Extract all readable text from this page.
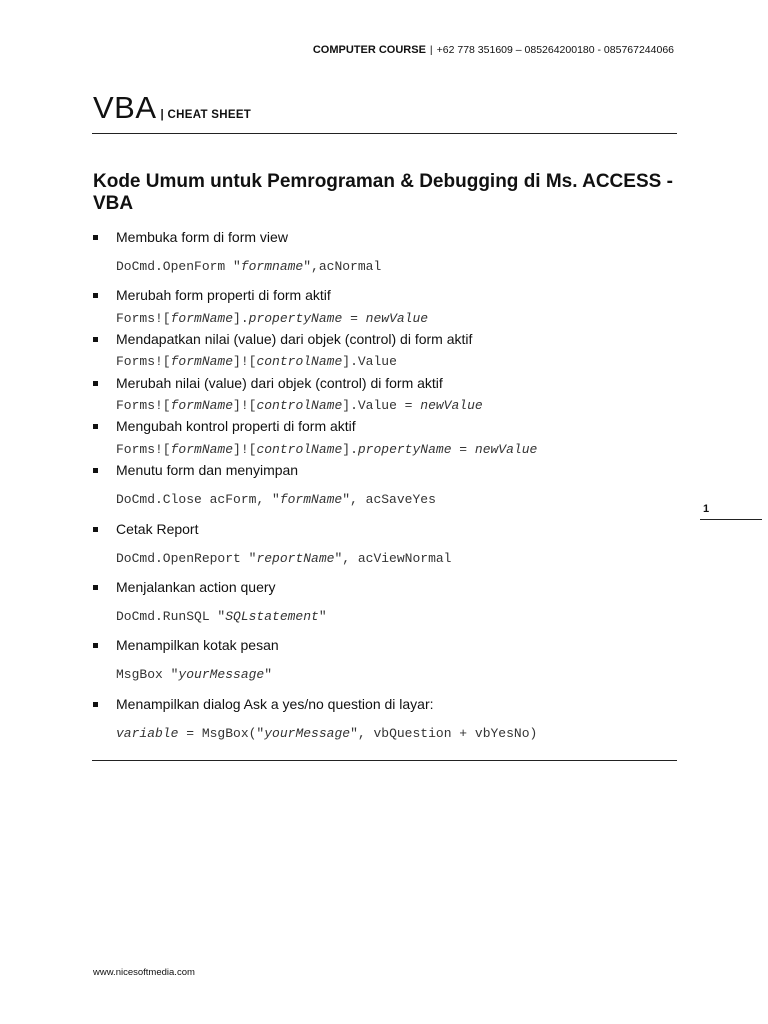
COMPUTER COURSE | +62 778 351609 – 085264200180 - 085767244066
VBA | CHEAT SHEET
Kode Umum untuk Pemrograman & Debugging di Ms. ACCESS - VBA
Membuka form di form view
DoCmd.OpenForm "formname",acNormal
Merubah form properti di form aktif
Forms![formName].propertyName = newValue
Mendapatkan nilai (value) dari objek (control) di form aktif
Forms![formName]![controlName].Value
Merubah nilai (value) dari objek (control) di form aktif
Forms![formName]![controlName].Value = newValue
Mengubah kontrol properti di form aktif
Forms![formName]![controlName].propertyName = newValue
Menutu form dan menyimpan
DoCmd.Close acForm, "formName", acSaveYes
Cetak Report
DoCmd.OpenReport "reportName", acViewNormal
Menjalankan action query
DoCmd.RunSQL "SQLstatement"
Menampilkan kotak pesan
MsgBox "yourMessage"
Menampilkan dialog Ask a yes/no question di layar:
variable = MsgBox("yourMessage", vbQuestion + vbYesNo)
1
www.nicesoftmedia.com
